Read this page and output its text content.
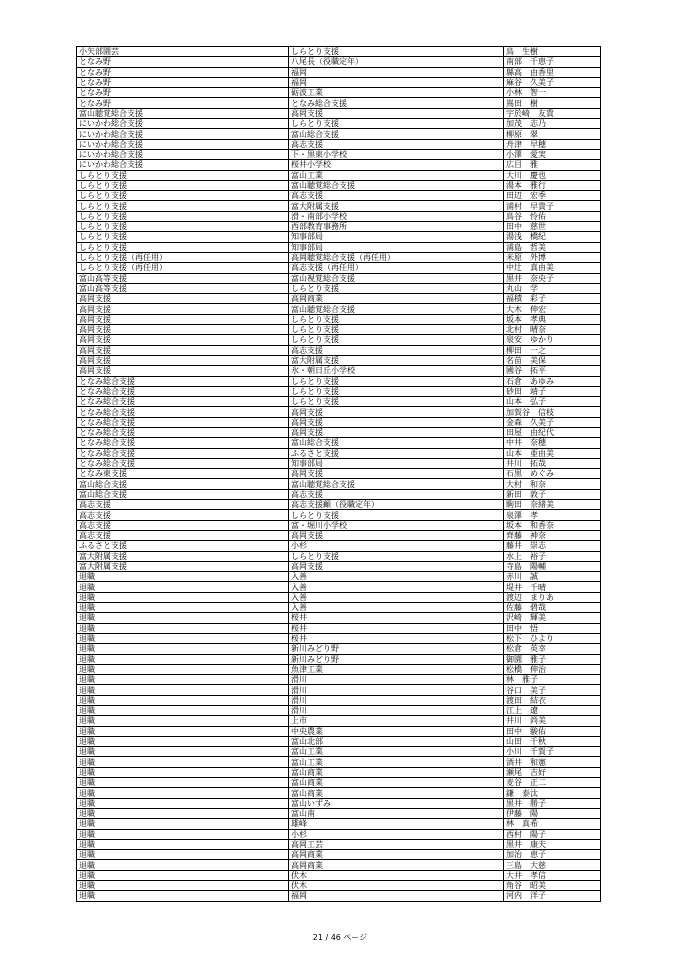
小矢部園芸	しらとり支援	鳥　生樹
となみ野	八尾長（役職定年）	南部　千恵子
となみ野	福岡	縣高　由香里
となみ野	福岡	麻谷　久美子
となみ野	砺波工業	小林　智一
となみ野	となみ総合支援	嶌田　樹
富山聴覚総合支援	高岡支援	宇於崎　友貴
にいかわ総合支援	しらとり支援	加茂　志乃
にいかわ総合支援	富山総合支援	柳原　翠
にいかわ総合支援	高志支援	舟津　早穂
にいかわ総合支援	下・黒東小学校	小澤　愛実
にいかわ総合支援	桜井小学校	広目　雅
しらとり支援	富山工業	大川　慶也
しらとり支援	富山聴覚総合支援	湯本　雅行
しらとり支援	高志支援	田辺　宏季
しらとり支援	富大附属支援	浦村　早貴子
しらとり支援	滑・南部小学校	鳥谷　怜佑
しらとり支援	西部教育事務所	田中　慈世
しらとり支援	知事部局	湯浅　橋紀
しらとり支援	知事部局	浦島　哲美
しらとり支援（再任用）	高岡聴覚総合支援（再任用）	米原　外博
しらとり支援（再任用）	高志支援（再任用）	中辻　真由美
富山高等支援	富山視覚総合支援	黒井　奈央子
富山高等支援	しらとり支援	丸山　学
高岡支援	高岡商業	福積　彩子
高岡支援	富山聴覚総合支援	大木　伸宏
高岡支援	しらとり支援	坂本　孝典
高岡支援	しらとり支援	北村　晴奈
高岡支援	しらとり支援	泉安　ゆかり
高岡支援	高志支援	柳田　一之
高岡支援	富大附属支援	名苗　美保
高岡支援	氷・朝日丘小学校	國谷　拓平
となみ総合支援	しらとり支援	石倉　あゆみ
となみ総合支援	しらとり支援	砂田　靖子
となみ総合支援	しらとり支援	山本　弘子
となみ総合支援	高岡支援	加賀谷　信枝
となみ総合支援	高岡支援	金森　久美子
となみ総合支援	高岡支援	田屋　由紀代
となみ総合支援	富山総合支援	中井　奈穂
となみ総合支援	ふるさと支援	山本　亜由美
となみ総合支援	知事部局	井川　拓哉
となみ東支援	高岡支援	石黒　めぐみ
富山総合支援	富山聴覚総合支援	大村　和奈
富山総合支援	高志支援	新田　敦子
高志支援	高志支援顧（役職定年）	駒田　奈緒美
高志支援	しらとり支援	泉澤　孝
高志支援	富・堀川小学校	坂本　和香奈
高志支援	高岡支援	齊藤　神奈
ふるさと支援	小杉	藤井　崇志
富大附属支援	しらとり支援	水上　裕子
富大附属支援	高岡支援	寺島　陽輔
退職	入善	赤川　誠
退職	入善	堤井　千晴
退職	入善	渡辺　まりあ
退職	入善	佐藤　碧哉
退職	桜井	沢崎　輝美
退職	桜井	田中　悟
退職	桜井	松下　ひより
退職	新川みどり野	松倉　英幸
退職	新川みどり野	御園　雅子
退職	魚津工業	松橋　伸治
退職	滑川	林　雅子
退職	滑川	谷口　美子
退職	滑川	渡田　結衣
退職	滑川	江上　遼
退職	上市	井川　尚美
退職	中央農業	田中　駿佑
退職	富山北部	山田　千秋
退職	富山工業	小川　千賀子
退職	富山工業	酒井　和憲
退職	富山商業	瀬尾　吉好
退職	富山商業	麦谷　正二
退職	富山商業	鎌　泰汰
退職	富山いずみ	黒井　勝子
退職	富山南	伊藤　陽
退職	雄峰	林　真希
退職	小杉	西村　陽子
退職	高岡工芸	黒井　康夫
退職	高岡商業	加治　恵子
退職	高岡商業	三島　大慈
退職	伏木	大井　孝信
退職	伏木	角谷　昭美
退職	福岡	河内　洋子
21 / 46 ページ
